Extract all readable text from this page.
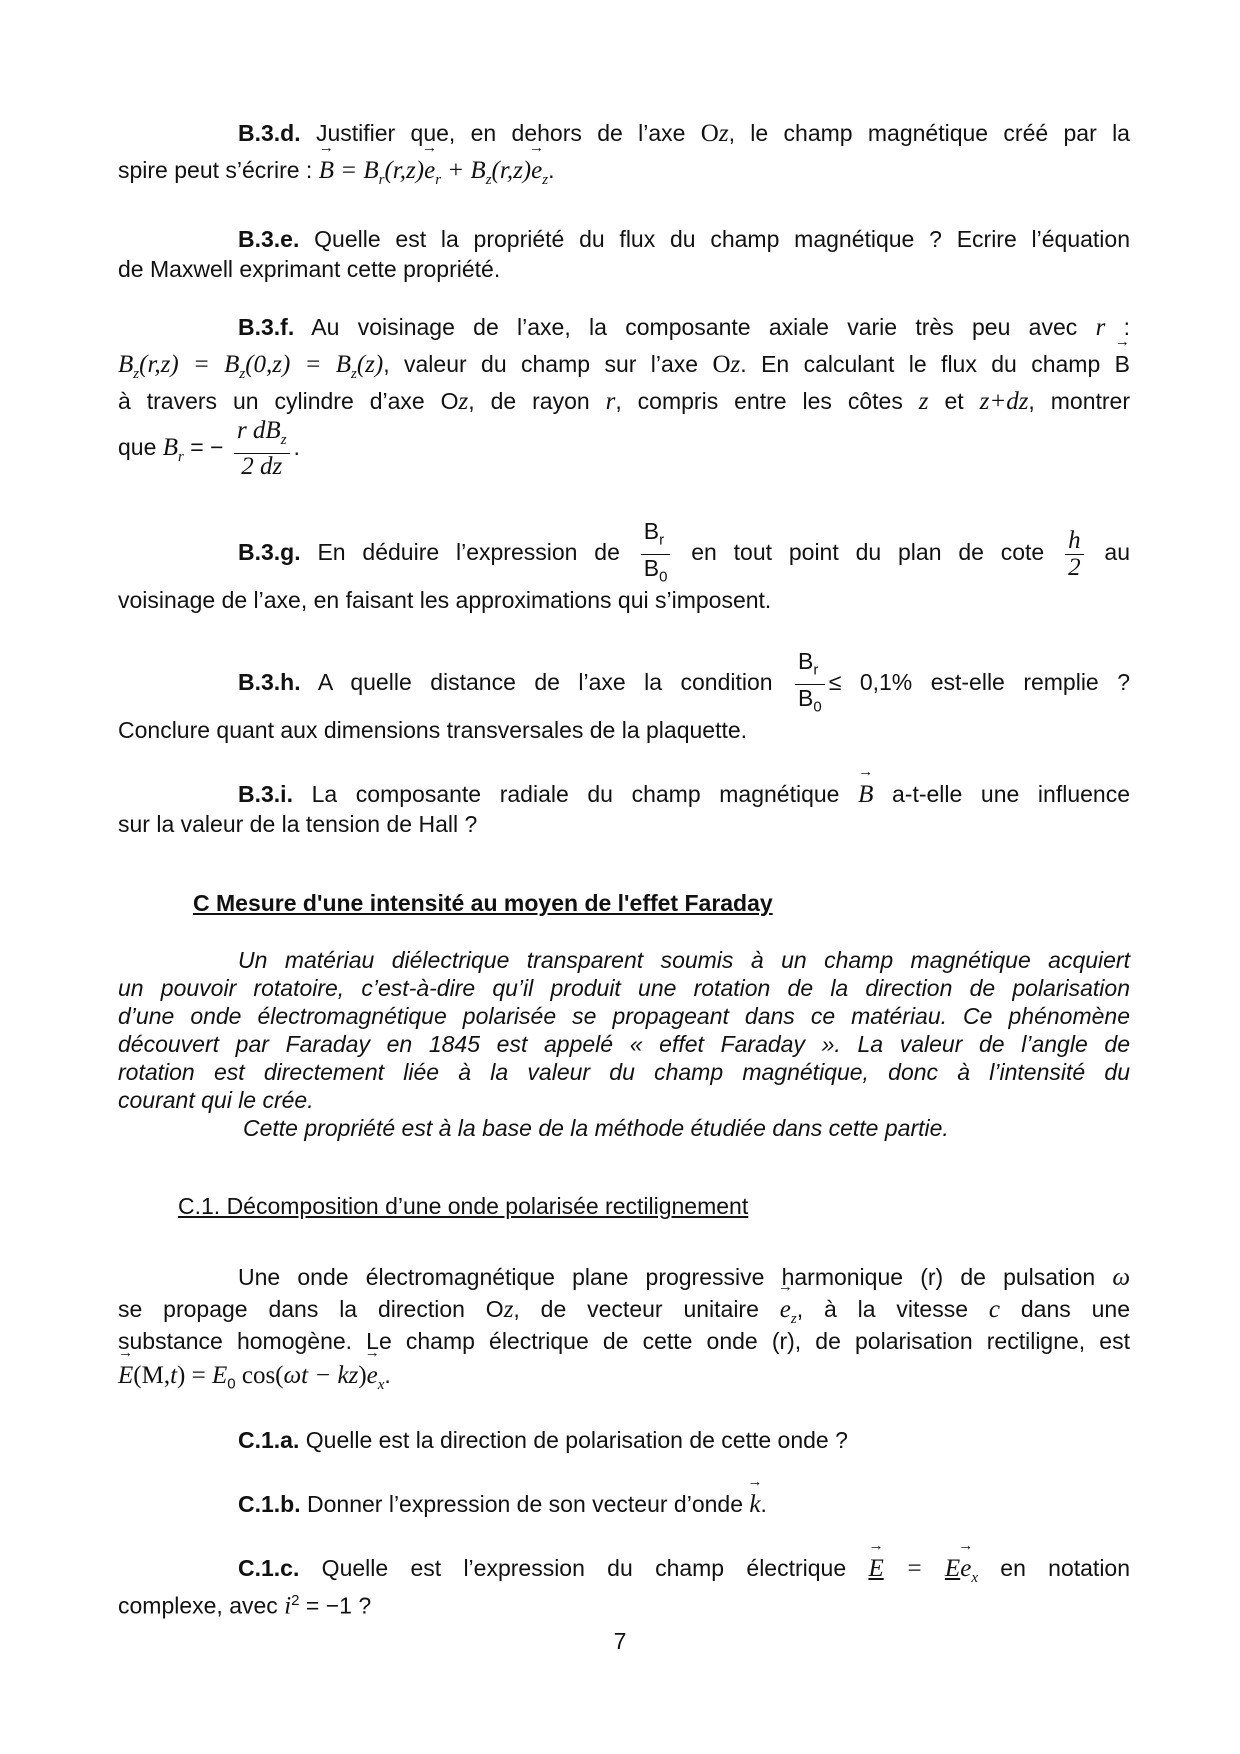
B.3.d. Justifier que, en dehors de l’axe Oz, le champ magnétique créé par la
spire peut s’écrire : → $B = B_r(r,z)\to e_r + B_z(r,z)\to e_z$.
B.3.e. Quelle est la propriété du flux du champ magnétique ? Ecrire l’équation
de Maxwell exprimant cette propriété.
B.3.f. Au voisinage de l’axe, la composante axiale varie très peu avec r :
$B_z(r,z) = B_z(0,z) = B_z(z)$, valeur du champ sur l’axe Oz. En calculant le flux du champ → B
à travers un cylindre d’axe Oz, de rayon r, compris entre les côtes z et z+dz, montrer
que $B_r$ = − $\frac{r dB_z}{2 dz}$ .
B.3.g. En déduire l’expression de $\frac{B_r}{B_0}$ en tout point du plan de cote $\frac{h}{2}$ au
voisinage de l’axe, en faisant les approximations qui s’imposent.
B.3.h. A quelle distance de l’axe la condition $\frac{B_r}{B_0} \le 0,1\%$ est-elle remplie ?
Conclure quant aux dimensions transversales de la plaquette.
B.3.i. La composante radiale du champ magnétique → B a-t-elle une influence
sur la valeur de la tension de Hall ?
C Mesure d'une intensité au moyen de l'effet Faraday
Un matériau diélectrique transparent soumis à un champ magnétique acquiert
un pouvoir rotatoire, c’est-à-dire qu’il produit une rotation de la direction de polarisation
d’une onde électromagnétique polarisée se propageant dans ce matériau. Ce phénomène
découvert par Faraday en 1845 est appelé « effet Faraday ». La valeur de l’angle de
rotation est directement liée à la valeur du champ magnétique, donc à l’intensité du
courant qui le crée.
Cette propriété est à la base de la méthode étudiée dans cette partie.
C.1. Décomposition d’une onde polarisée rectilignement
Une onde électromagnétique plane progressive harmonique (r) de pulsation ω
se propage dans la direction Oz, de vecteur unitaire → $e_z$, à la vitesse c dans une
substance homogène. Le champ électrique de cette onde (r), de polarisation rectiligne, est
→ $E(M,t) = E_0$ $\cos(\omega t - kz)\to e_x$.
C.1.a. Quelle est la direction de polarisation de cette onde ?
C.1.b. Donner l’expression de son vecteur d’onde → k.
C.1.c. Quelle est l’expression du champ électrique → $E = E\to e_x$ en notation
complexe, avec $i^2 = -1$ ?
7
